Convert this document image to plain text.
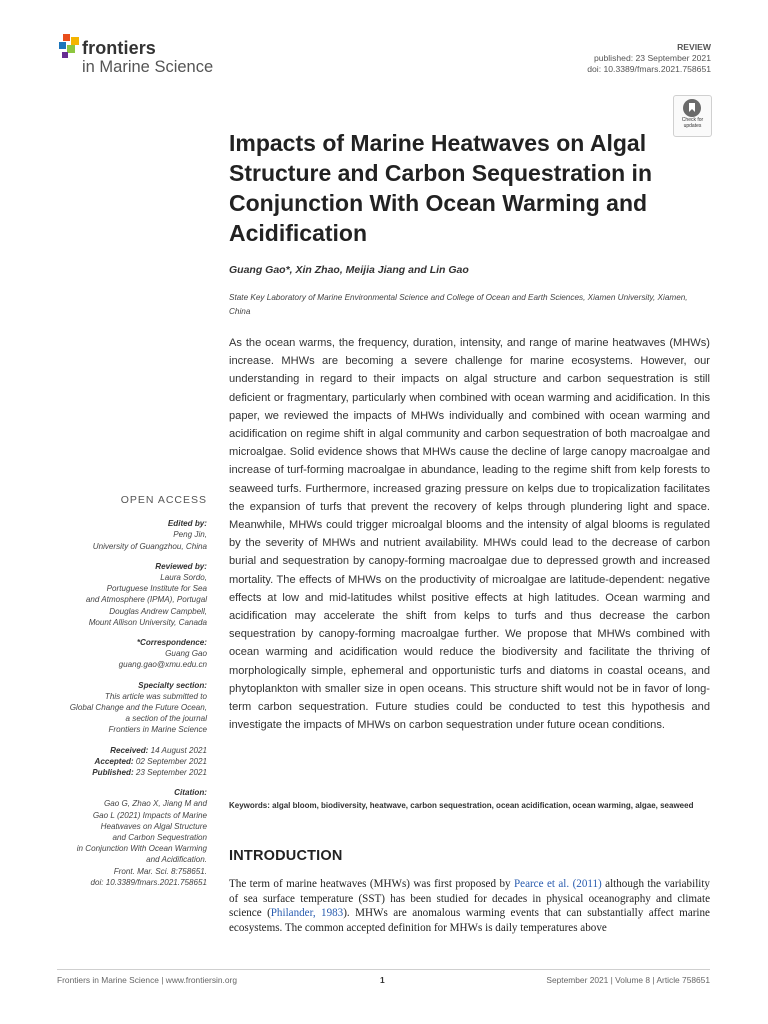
frontiers
in Marine Science
REVIEW
published: 23 September 2021
doi: 10.3389/fmars.2021.758651
Check for updates
Impacts of Marine Heatwaves on Algal Structure and Carbon Sequestration in Conjunction With Ocean Warming and Acidification
Guang Gao*, Xin Zhao, Meijia Jiang and Lin Gao
State Key Laboratory of Marine Environmental Science and College of Ocean and Earth Sciences, Xiamen University, Xiamen, China
As the ocean warms, the frequency, duration, intensity, and range of marine heatwaves (MHWs) increase. MHWs are becoming a severe challenge for marine ecosystems. However, our understanding in regard to their impacts on algal structure and carbon sequestration is still deficient or fragmentary, particularly when combined with ocean warming and acidification. In this paper, we reviewed the impacts of MHWs individually and combined with ocean warming and acidification on regime shift in algal community and carbon sequestration of both macroalgae and microalgae. Solid evidence shows that MHWs cause the decline of large canopy macroalgae and increase of turf-forming macroalgae in abundance, leading to the regime shift from kelp forests to seaweed turfs. Furthermore, increased grazing pressure on kelps due to tropicalization facilitates the expansion of turfs that prevent the recovery of kelps through plundering light and space. Meanwhile, MHWs could trigger microalgal blooms and the intensity of algal blooms is regulated by the severity of MHWs and nutrient availability. MHWs could lead to the decrease of carbon burial and sequestration by canopy-forming macroalgae due to depressed growth and increased mortality. The effects of MHWs on the productivity of microalgae are latitude-dependent: negative effects at low and mid-latitudes whilst positive effects at high latitudes. Ocean warming and acidification may accelerate the shift from kelps to turfs and thus decrease the carbon sequestration by canopy-forming macroalgae further. We propose that MHWs combined with ocean warming and acidification would reduce the biodiversity and facilitate the thriving of morphologically simple, ephemeral and opportunistic turfs and diatoms in coastal oceans, and phytoplankton with smaller size in open oceans. This structure shift would not be in favor of long-term carbon sequestration. Future studies could be conducted to test this hypothesis and investigate the impacts of MHWs on carbon sequestration under future ocean conditions.
Keywords: algal bloom, biodiversity, heatwave, carbon sequestration, ocean acidification, ocean warming, algae, seaweed
INTRODUCTION
The term of marine heatwaves (MHWs) was first proposed by Pearce et al. (2011) although the variability of sea surface temperature (SST) has been studied for decades in physical oceanography and climate science (Philander, 1983). MHWs are anomalous warming events that can substantially affect marine ecosystems. The common accepted definition for MHWs is daily temperatures above
OPEN ACCESS
Edited by:
Peng Jin,
University of Guangzhou, China
Reviewed by:
Laura Sordo,
Portuguese Institute for Sea
and Atmosphere (IPMA), Portugal
Douglas Andrew Campbell,
Mount Allison University, Canada
*Correspondence:
Guang Gao
guang.gao@xmu.edu.cn
Specialty section:
This article was submitted to
Global Change and the Future Ocean,
a section of the journal
Frontiers in Marine Science
Received: 14 August 2021
Accepted: 02 September 2021
Published: 23 September 2021
Citation:
Gao G, Zhao X, Jiang M and
Gao L (2021) Impacts of Marine
Heatwaves on Algal Structure
and Carbon Sequestration
in Conjunction With Ocean Warming
and Acidification.
Front. Mar. Sci. 8:758651.
doi: 10.3389/fmars.2021.758651
Frontiers in Marine Science | www.frontiersin.org	1	September 2021 | Volume 8 | Article 758651
